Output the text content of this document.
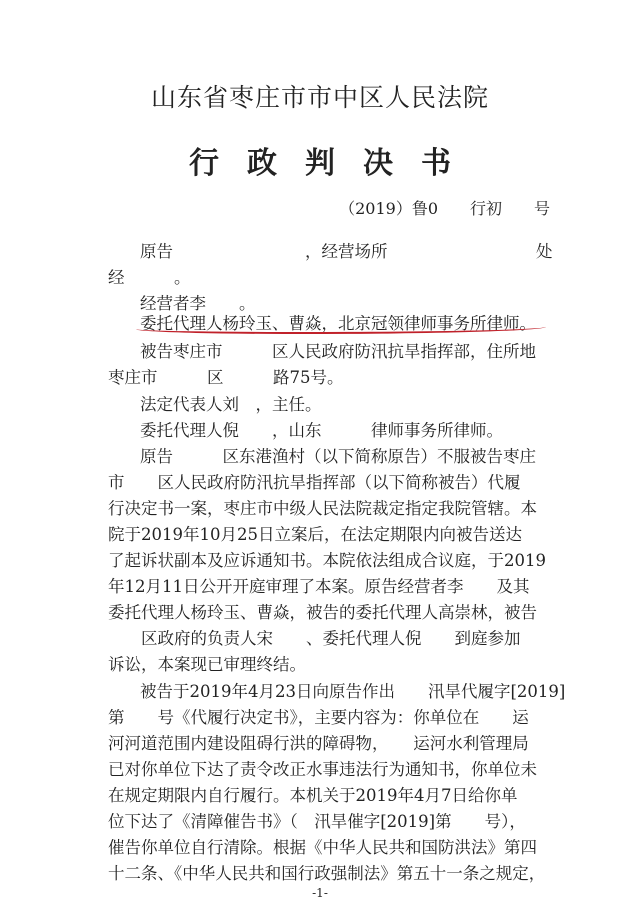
山东省枣庄市市中区人民法院
行政判决书
（2019）鲁0　　行初　　号
原告　　　　　　　　，经营场所　　　　　　　　　处
经　　　。
经营者李　　。
委托代理人杨玲玉、曹焱，北京冠领律师事务所律师。
被告枣庄市　　　区人民政府防汛抗旱指挥部，住所地
枣庄市　　　区　　　路75号。
法定代表人刘　，主任。
委托代理人倪　　，山东　　　律师事务所律师。
原告　　　区东港渔村（以下简称原告）不服被告枣庄
市　　区人民政府防汛抗旱指挥部（以下简称被告）代履
行决定书一案，枣庄市中级人民法院裁定指定我院管辖。本
院于2019年10月25日立案后，在法定期限内向被告送达
了起诉状副本及应诉通知书。本院依法组成合议庭，于2019
年12月11日公开开庭审理了本案。原告经营者李　　及其
委托代理人杨玲玉、曹焱，被告的委托代理人高崇林，被告
　　区政府的负责人宋　　、委托代理人倪　　到庭参加
诉讼，本案现已审理终结。
被告于2019年4月23日向原告作出　　汛旱代履字[2019]
第　　号《代履行决定书》，主要内容为：你单位在　　运
河河道范围内建设阻碍行洪的障碍物，　　运河水利管理局
已对你单位下达了责令改正水事违法行为通知书，你单位未
在规定期限内自行履行。本机关于2019年4月7日给你单
位下达了《清障催告书》（　汛旱催字[2019]第　　号），
催告你单位自行清除。根据《中华人民共和国防洪法》第四
十二条、《中华人民共和国行政强制法》第五十一条之规定，
-1-
